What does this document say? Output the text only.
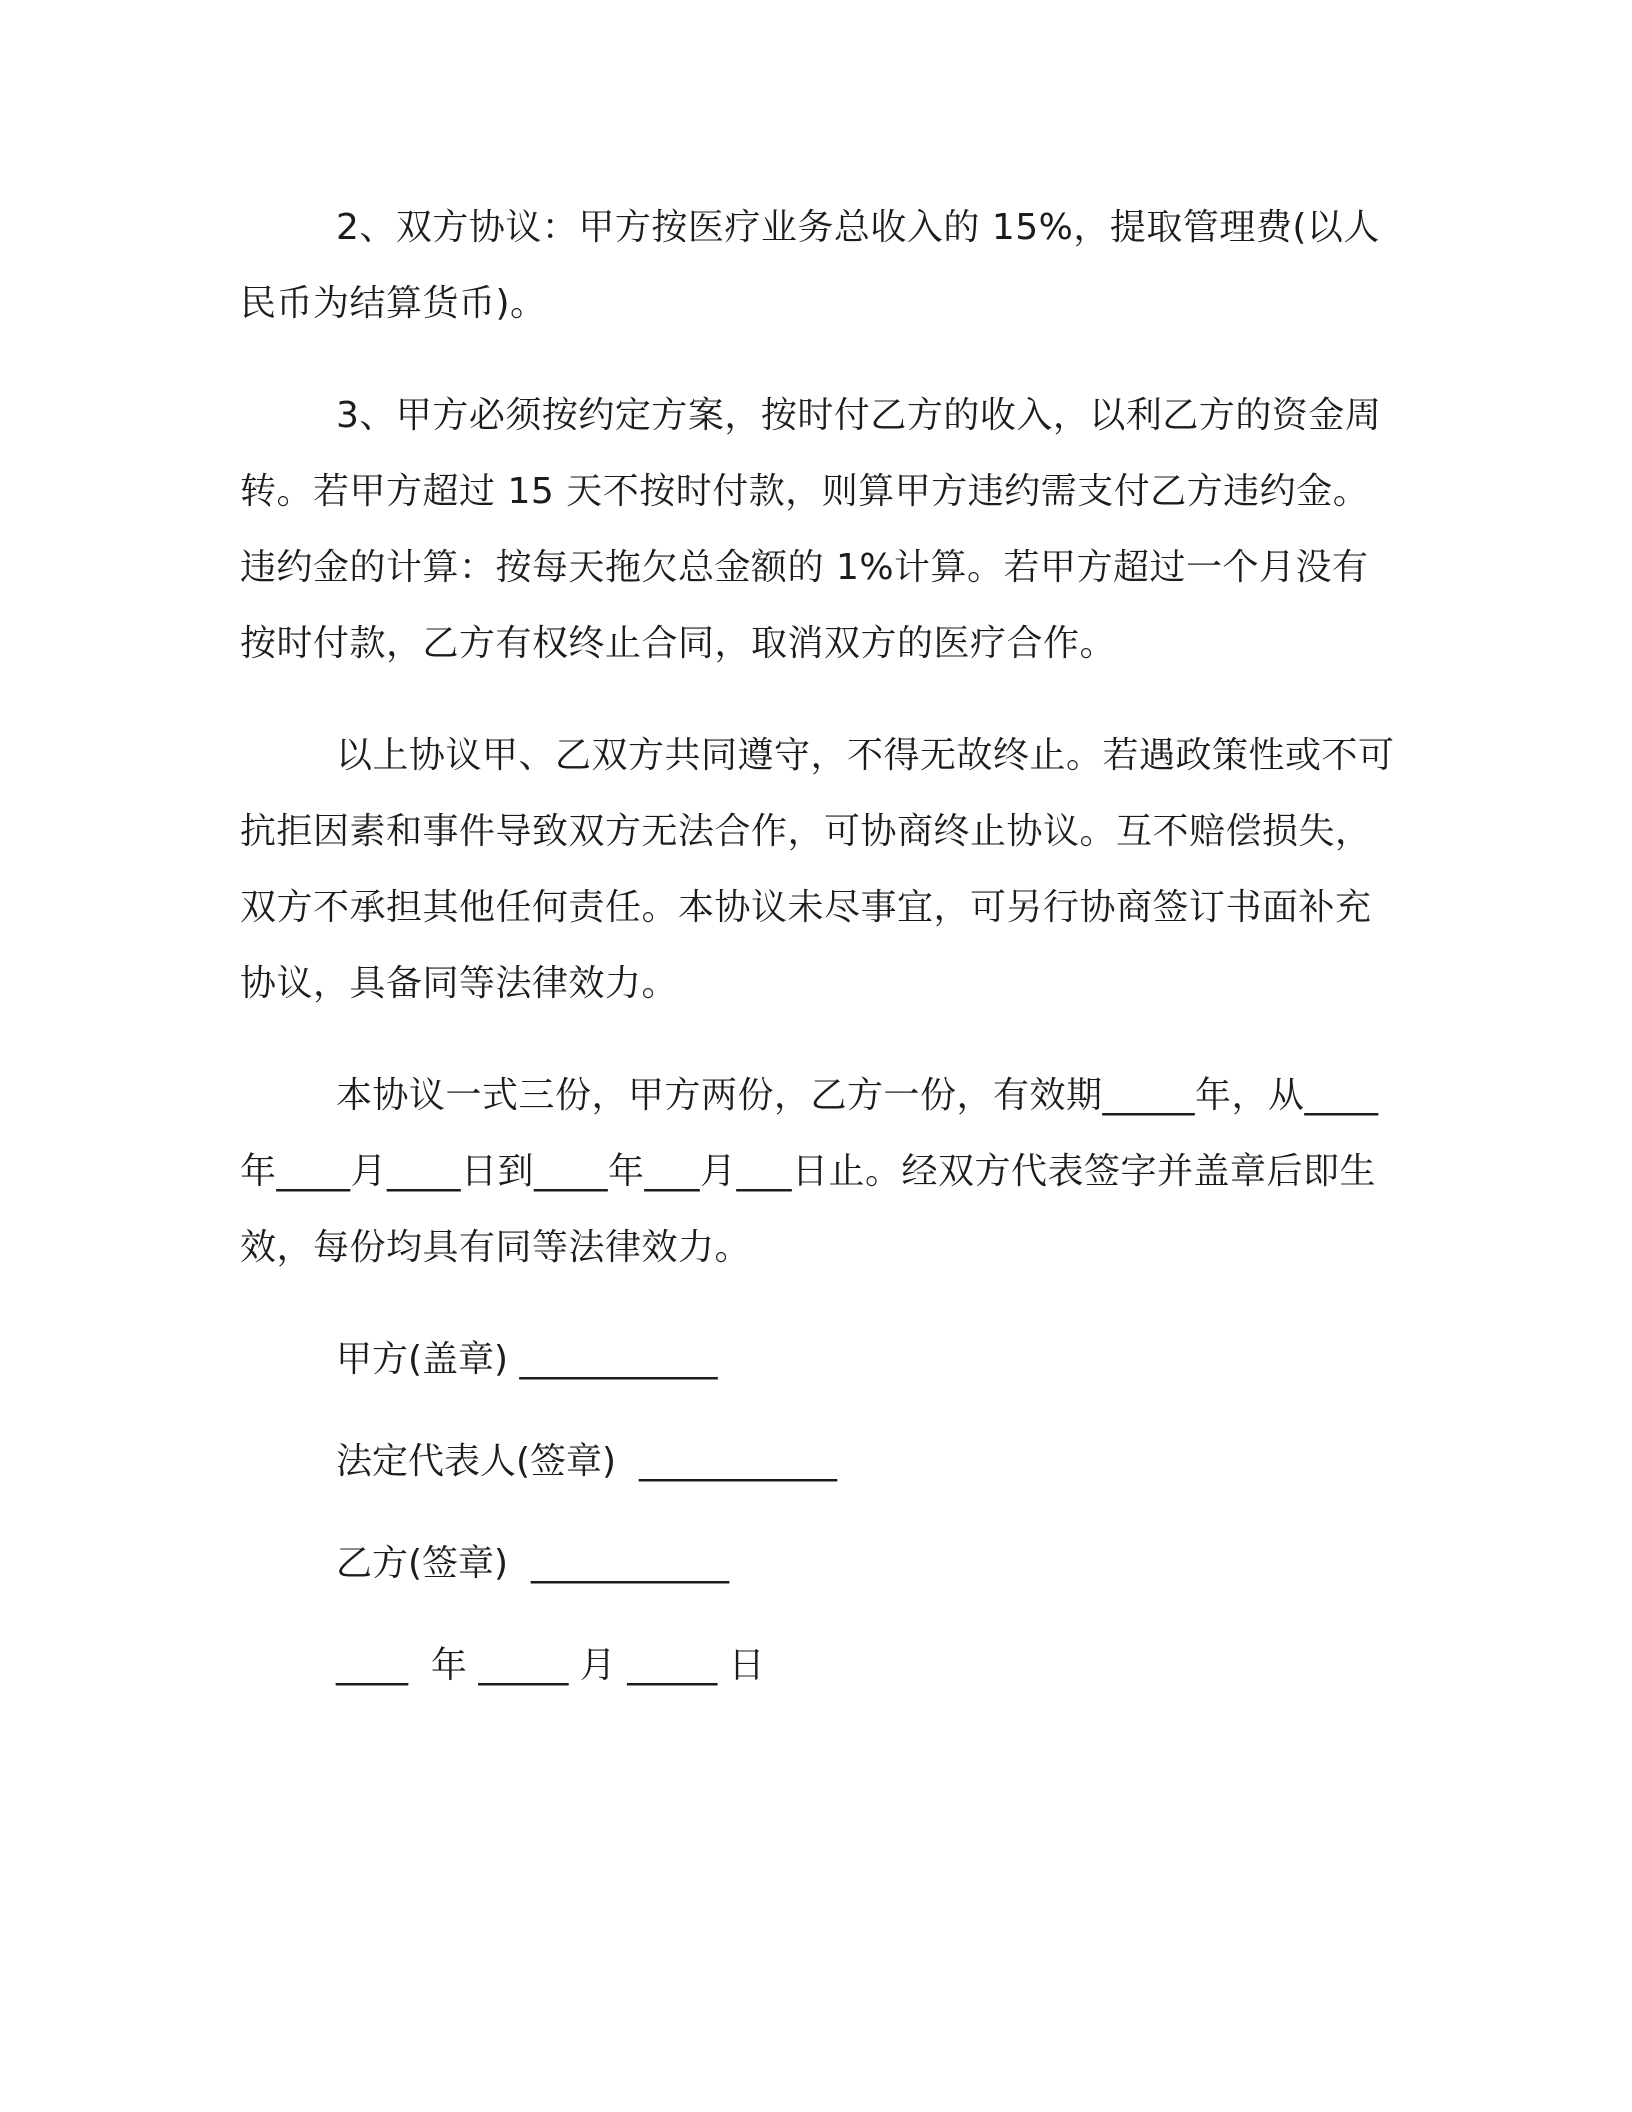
2、双方协议：甲方按医疗业务总收入的 15%，提取管理费(以人民币为结算货币)。

3、甲方必须按约定方案，按时付乙方的收入，以利乙方的资金周转。若甲方超过 15 天不按时付款，则算甲方违约需支付乙方违约金。违约金的计算：按每天拖欠总金额的 1%计算。若甲方超过一个月没有按时付款，乙方有权终止合同，取消双方的医疗合作。

以上协议甲、乙双方共同遵守，不得无故终止。若遇政策性或不可抗拒因素和事件导致双方无法合作，可协商终止协议。互不赔偿损失，双方不承担其他任何责任。本协议未尽事宜，可另行协商签订书面补充协议，具备同等法律效力。

本协议一式三份，甲方两份，乙方一份，有效期_____年，从____年____月____日到____年___月___日止。经双方代表签字并盖章后即生效，每份均具有同等法律效力。

甲方(盖章) ___________

法定代表人(签章)  ___________

乙方(签章)  ___________

____  年 _____ 月 _____ 日
